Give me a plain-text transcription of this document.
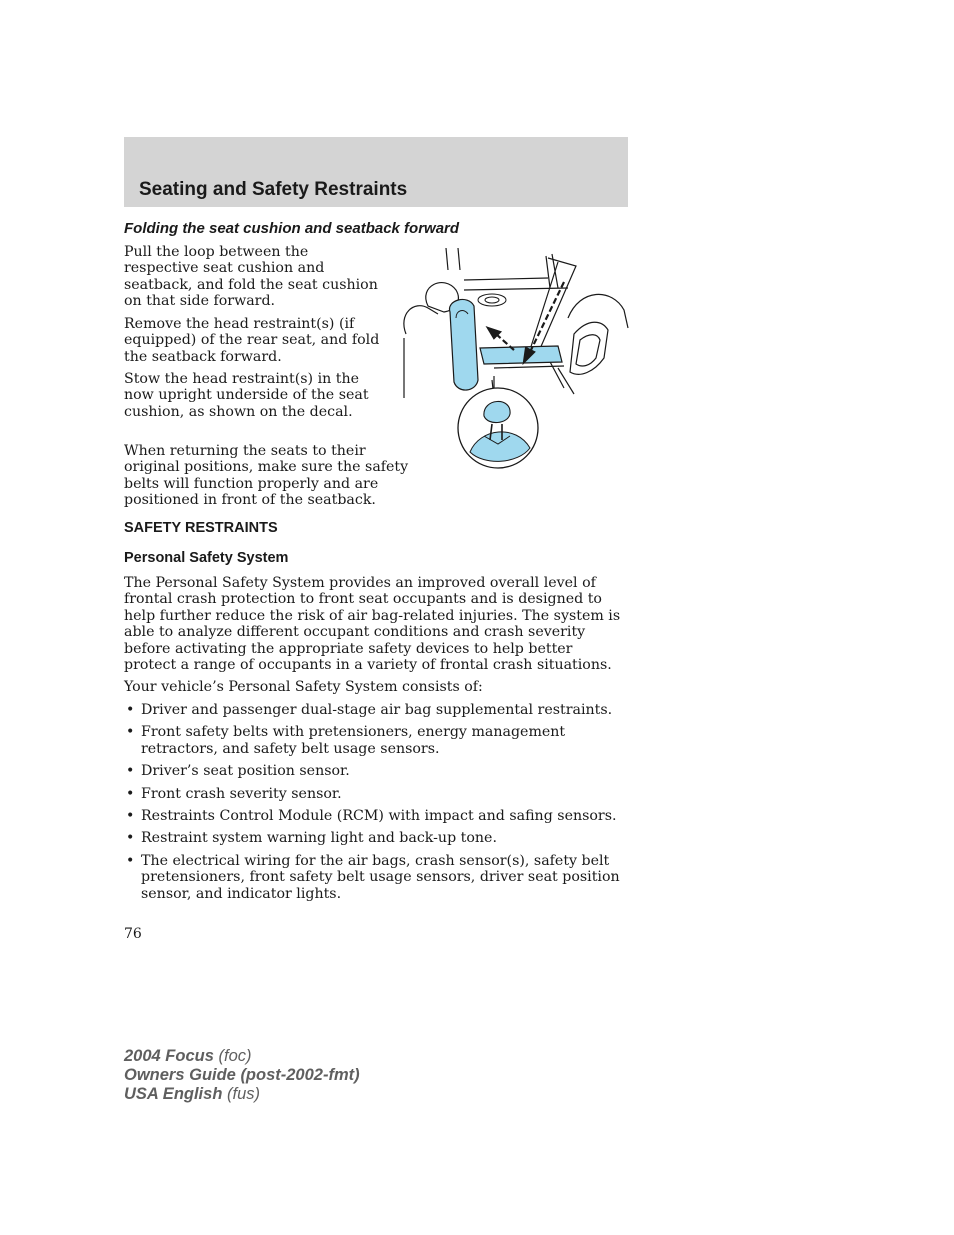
Seating and Safety Restraints
Folding the seat cushion and seatback forward

Pull the loop between the respective seat cushion and seatback, and fold the seat cushion on that side forward.

Remove the head restraint(s) (if equipped) of the rear seat, and fold the seatback forward.

Stow the head restraint(s) in the now upright underside of the seat cushion, as shown on the decal.

When returning the seats to their original positions, make sure the safety belts will function properly and are positioned in front of the seatback.

SAFETY RESTRAINTS
Personal Safety System

The Personal Safety System provides an improved overall level of frontal crash protection to front seat occupants and is designed to help further reduce the risk of air bag-related injuries. The system is able to analyze different occupant conditions and crash severity before activating the appropriate safety devices to help better protect a range of occupants in a variety of frontal crash situations.

Your vehicle’s Personal Safety System consists of:

• Driver and passenger dual-stage air bag supplemental restraints.
• Front safety belts with pretensioners, energy management retractors, and safety belt usage sensors.
• Driver’s seat position sensor.
• Front crash severity sensor.
• Restraints Control Module (RCM) with impact and safing sensors.
• Restraint system warning light and back-up tone.
• The electrical wiring for the air bags, crash sensor(s), safety belt pretensioners, front safety belt usage sensors, driver seat position sensor, and indicator lights.

76

2004 Focus (foc)
Owners Guide (post-2002-fmt)
USA English (fus)
